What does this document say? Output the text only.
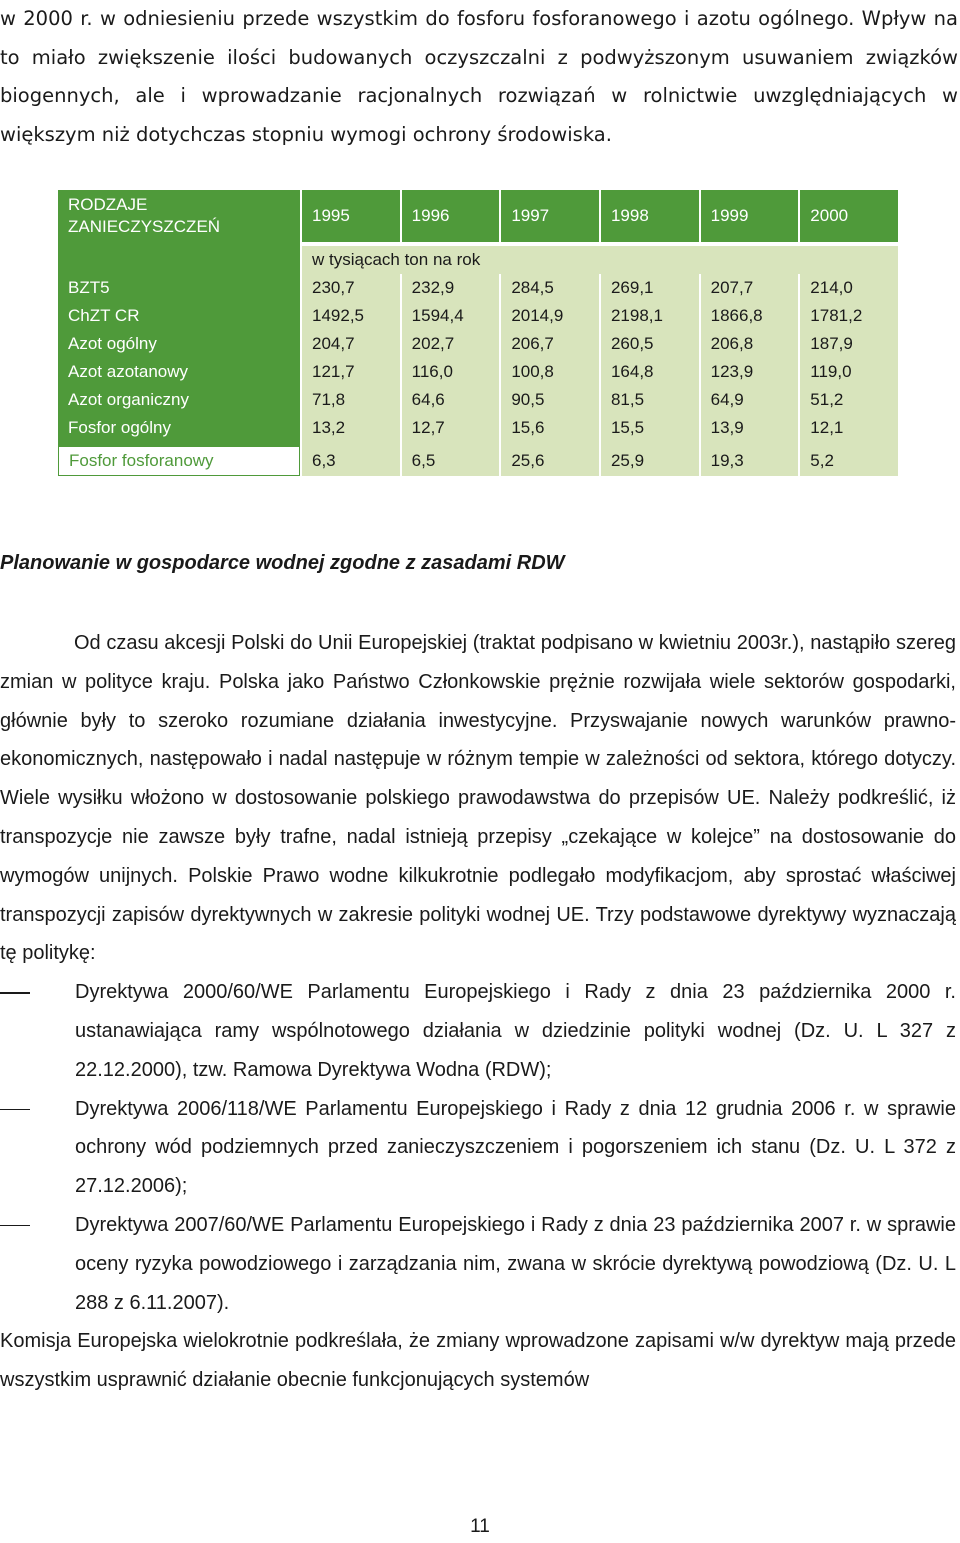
w 2000 r. w odniesieniu przede wszystkim do fosforu fosforanowego i azotu ogólnego. Wpływ na to miało zwiększenie ilości budowanych oczyszczalni z podwyższonym usuwaniem związków biogennych, ale i wprowadzanie racjonalnych rozwiązań w rolnictwie uwzględniających w większym niż dotychczas stopniu wymogi ochrony środowiska.
RODZAJE ZANIECZYSZCZEŃ	1995	1996	1997	1998	1999	2000

	w tysiącach ton na rok					
BZT5	230,7	232,9	284,5	269,1	207,7	214,0
ChZT CR	1492,5	1594,4	2014,9	2198,1	1866,8	1781,2
Azot ogólny	204,7	202,7	206,7	260,5	206,8	187,9
Azot azotanowy	121,7	116,0	100,8	164,8	123,9	119,0
Azot organiczny	71,8	64,6	90,5	81,5	64,9	51,2
Fosfor ogólny	13,2	12,7	15,6	15,5	13,9	12,1

Fosfor fosforanowy	6,3	6,5	25,6	25,9	19,3	5,2
Planowanie w gospodarce wodnej zgodne z zasadami RDW

Od czasu akcesji Polski do Unii Europejskiej (traktat podpisano w kwietniu 2003r.), nastąpiło szereg zmian w polityce kraju. Polska jako Państwo Członkowskie prężnie rozwijała wiele sektorów gospodarki, głównie były to szeroko rozumiane działania inwestycyjne. Przyswajanie nowych warunków prawno-ekonomicznych, następowało i nadal następuje w różnym tempie w zależności od sektora, którego dotyczy. Wiele wysiłku włożono w dostosowanie polskiego prawodawstwa do przepisów UE. Należy podkreślić, iż transpozycje nie zawsze były trafne, nadal istnieją przepisy „czekające w kolejce” na dostosowanie do wymogów unijnych. Polskie Prawo wodne kilkukrotnie podlegało modyfikacjom, aby sprostać właściwej transpozycji zapisów dyrektywnych w zakresie polityki wodnej UE. Trzy podstawowe dyrektywy wyznaczają tę politykę:

Dyrektywa 2000/60/WE Parlamentu Europejskiego i Rady z dnia 23 października 2000 r. ustanawiająca ramy wspólnotowego działania w dziedzinie polityki wodnej (Dz. U. L 327 z 22.12.2000), tzw. Ramowa Dyrektywa Wodna (RDW);
Dyrektywa 2006/118/WE Parlamentu Europejskiego i Rady z dnia 12 grudnia 2006 r. w sprawie ochrony wód podziemnych przed zanieczyszczeniem i pogorszeniem ich stanu (Dz. U. L 372 z 27.12.2006);
Dyrektywa 2007/60/WE Parlamentu Europejskiego i Rady z dnia 23 października 2007 r. w sprawie oceny ryzyka powodziowego i zarządzania nim, zwana w skrócie dyrektywą powodziową (Dz. U. L 288 z 6.11.2007).

Komisja Europejska wielokrotnie podkreślała, że zmiany wprowadzone zapisami w/w dyrektyw mają przede wszystkim usprawnić działanie obecnie funkcjonujących systemów

11
